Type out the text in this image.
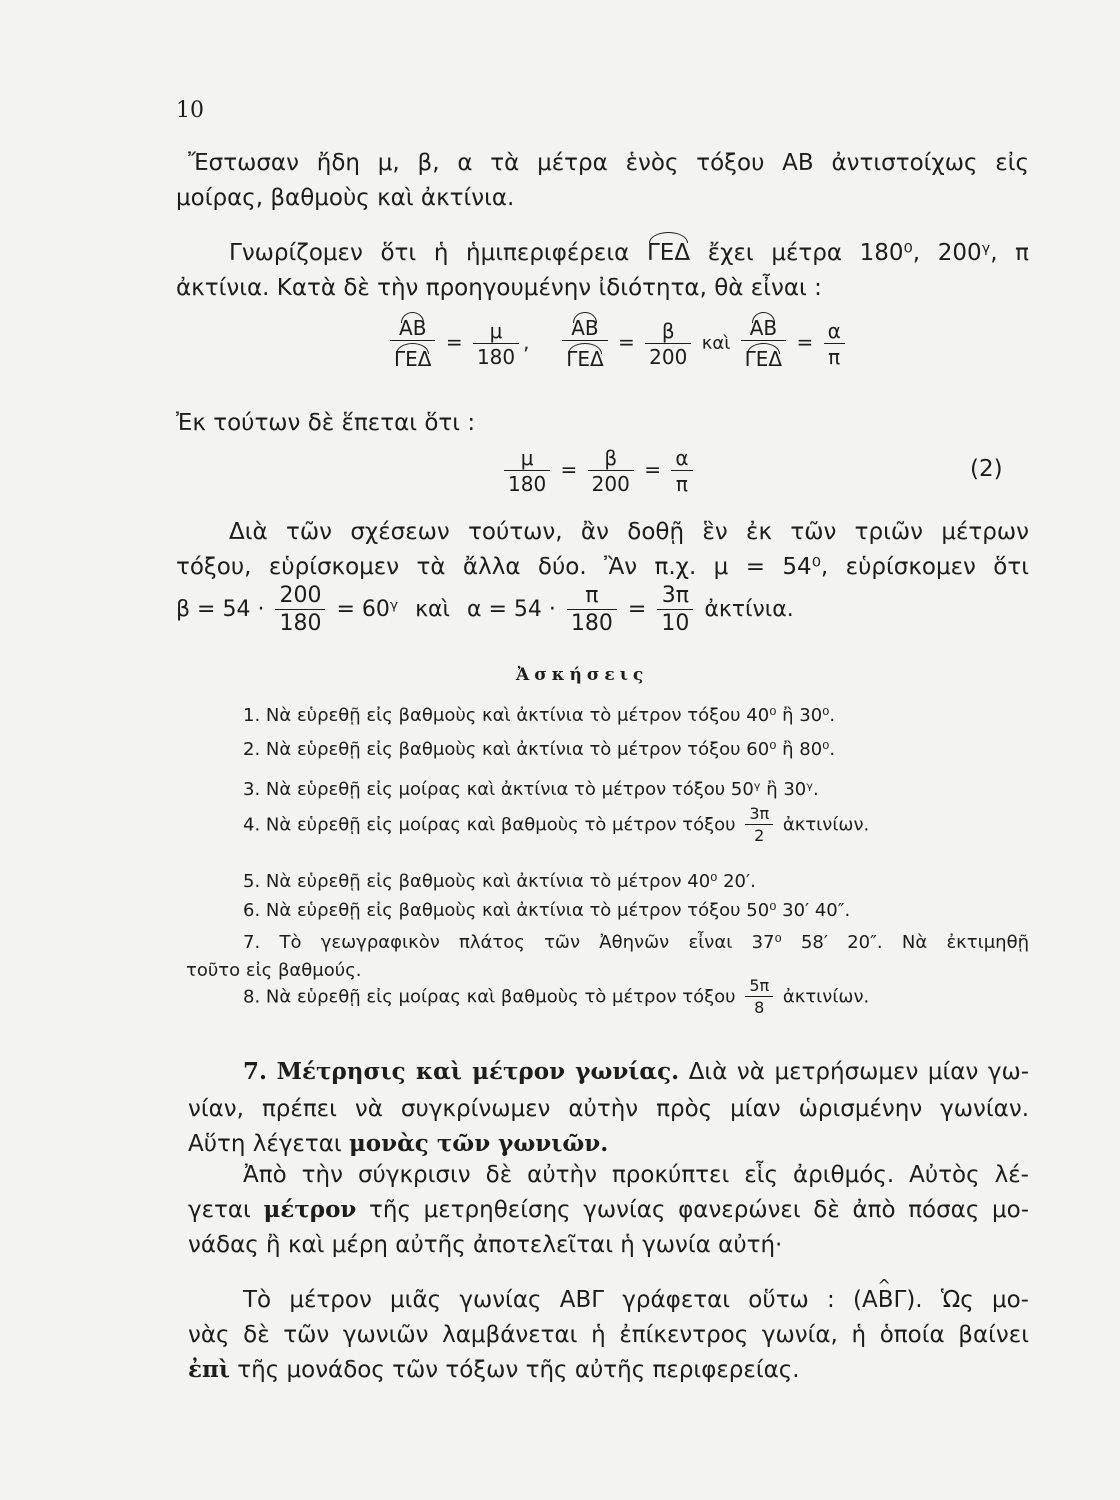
10
Ἔστωσαν ἤδη μ, β, α τὰ μέτρα ἑνὸς τόξου ΑΒ ἀντιστοίχως εἰς
μοίρας, βαθμοὺς καὶ ἀκτίνια.
Γνωρίζομεν ὅτι ἡ ἡμιπεριφέρεια ΓΕΔ ἔχει μέτρα 180⁰, 200ᵞ, π
ἀκτίνια. Κατὰ δὲ τὴν προηγουμένην ἰδιότητα, θὰ εἶναι :
$\frac{AB}{\text{ΓΕΔ}} = \frac{\mu}{180}$ , $\frac{AB}{\text{ΓΕΔ}} = \frac{\beta}{200}$ καὶ $\frac{AB}{\text{ΓΕΔ}} = \frac{\alpha}{\pi}$
Ἐκ τούτων δὲ ἕπεται ὅτι :
$\frac{\mu}{180} = \frac{\beta}{200} = \frac{\alpha}{\pi}$	(2)
Διὰ τῶν σχέσεων τούτων, ἂν δοθῇ ἓν ἐκ τῶν τριῶν μέτρων
τόξου, εὑρίσκομεν τὰ ἄλλα δύο. Ἂν π.χ. μ = 54⁰, εὑρίσκομεν ὅτι
$\beta = 54 \cdot \frac{200}{180}$ = 60ᵞ καὶ $\alpha = 54 \cdot \frac{\pi}{180} = \frac{3\pi}{10}$ ἀκτίνια.
Ἀσκήσεις
1. Νὰ εὑρεθῇ εἰς βαθμοὺς καὶ ἀκτίνια τὸ μέτρον τόξου 40⁰ ἢ 30⁰.
2. Νὰ εὑρεθῇ εἰς βαθμοὺς καὶ ἀκτίνια τὸ μέτρον τόξου 60⁰ ἢ 80⁰.
3. Νὰ εὑρεθῇ εἰς μοίρας καὶ ἀκτίνια τὸ μέτρον τόξου 50ᵞ ἢ 30ᵞ.
4. Νὰ εὑρεθῇ εἰς μοίρας καὶ βαθμοὺς τὸ μέτρον τόξου $\frac{3\pi}{2}$ ἀκτινίων.
5. Νὰ εὑρεθῇ εἰς βαθμοὺς καὶ ἀκτίνια τὸ μέτρον 40⁰ 20′.
6. Νὰ εὑρεθῇ εἰς βαθμοὺς καὶ ἀκτίνια τὸ μέτρον τόξου 50⁰ 30′ 40″.
7. Τὸ γεωγραφικὸν πλάτος τῶν Ἀθηνῶν εἶναι 37⁰ 58′ 20″. Νὰ ἐκτιμηθῇ
τοῦτο εἰς βαθμούς.
8. Νὰ εὑρεθῇ εἰς μοίρας καὶ βαθμοὺς τὸ μέτρον τόξου $\frac{5\pi}{8}$ ἀκτινίων.
7. Μέτρησις καὶ μέτρον γωνίας. Διὰ νὰ μετρήσωμεν μίαν γω-
νίαν, πρέπει νὰ συγκρίνωμεν αὐτὴν πρὸς μίαν ὡρισμένην γωνίαν.
Αὕτη λέγεται μονὰς τῶν γωνιῶν.
Ἀπὸ τὴν σύγκρισιν δὲ αὐτὴν προκύπτει εἷς ἀριθμός. Αὐτὸς λέ-
γεται μέτρον τῆς μετρηθείσης γωνίας φανερώνει δὲ ἀπὸ πόσας μο-
νάδας ἢ καὶ μέρη αὐτῆς ἀποτελεῖται ἡ γωνία αὐτή·
Τὸ μέτρον μιᾶς γωνίας ΑΒΓ γράφεται οὕτω : (^ ΑΒΓ). Ὡς μο-
νὰς δὲ τῶν γωνιῶν λαμβάνεται ἡ ἐπίκεντρος γωνία, ἡ ὁποία βαίνει
ἐπὶ τῆς μονάδος τῶν τόξων τῆς αὐτῆς περιφερείας.
